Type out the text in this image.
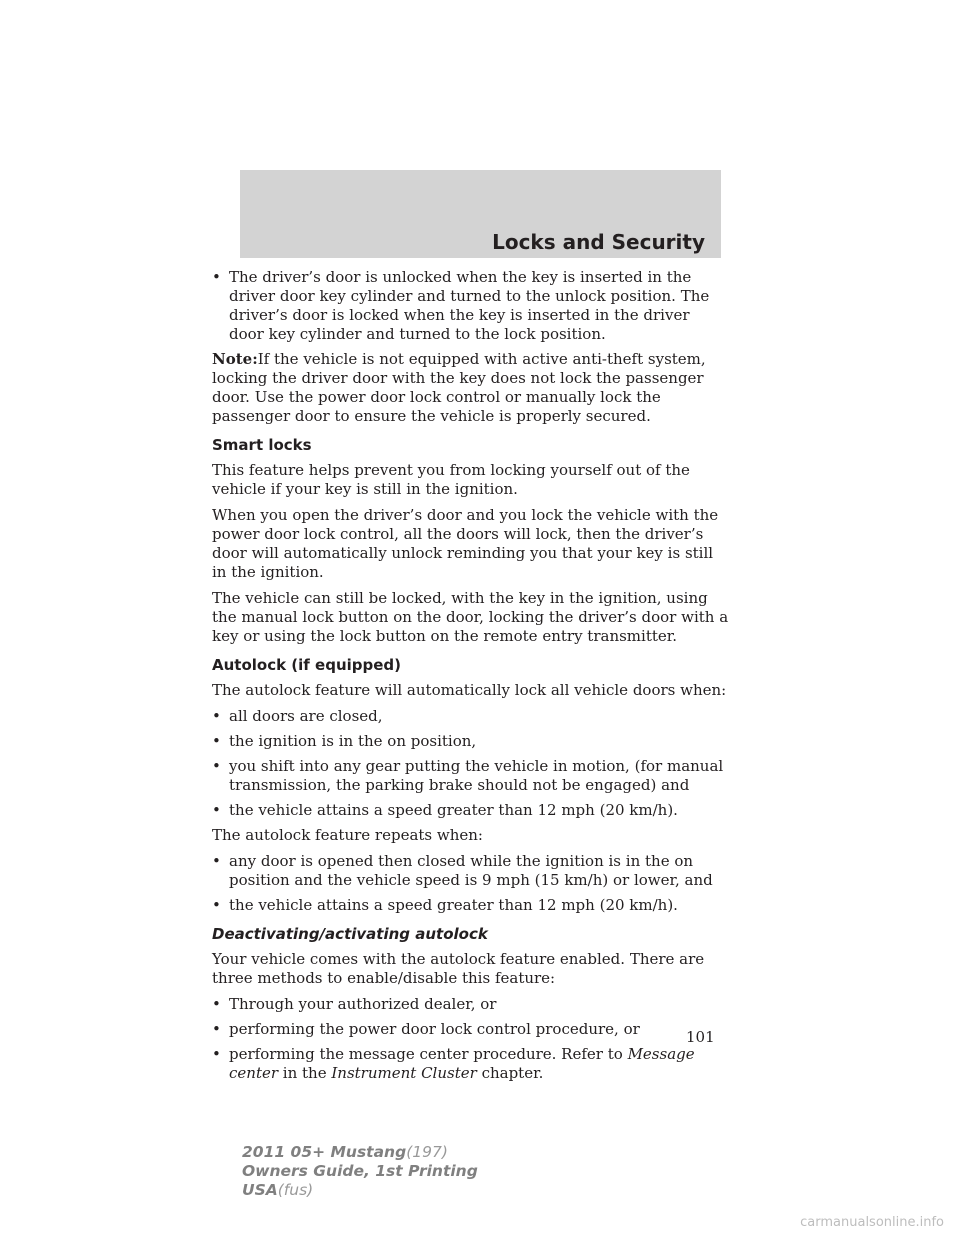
Locks and Security
• The driver’s door is unlocked when the key is inserted in the driver door key cylinder and turned to the unlock position. The driver’s door is locked when the key is inserted in the driver door key cylinder and turned to the lock position.

Note:If the vehicle is not equipped with active anti-theft system, locking the driver door with the key does not lock the passenger door. Use the power door lock control or manually lock the passenger door to ensure the vehicle is properly secured.

Smart locks

This feature helps prevent you from locking yourself out of the vehicle if your key is still in the ignition.

When you open the driver’s door and you lock the vehicle with the power door lock control, all the doors will lock, then the driver’s door will automatically unlock reminding you that your key is still in the ignition.

The vehicle can still be locked, with the key in the ignition, using the manual lock button on the door, locking the driver’s door with a key or using the lock button on the remote entry transmitter.

Autolock (if equipped)

The autolock feature will automatically lock all vehicle doors when:

• all doors are closed,
• the ignition is in the on position,
• you shift into any gear putting the vehicle in motion, (for manual transmission, the parking brake should not be engaged) and
• the vehicle attains a speed greater than 12 mph (20 km/h).

The autolock feature repeats when:

• any door is opened then closed while the ignition is in the on position and the vehicle speed is 9 mph (15 km/h) or lower, and
• the vehicle attains a speed greater than 12 mph (20 km/h).
Deactivating/activating autolock

Your vehicle comes with the autolock feature enabled. There are three methods to enable/disable this feature:

• Through your authorized dealer, or
• performing the power door lock control procedure, or
• performing the message center procedure. Refer to Message center in the Instrument Cluster chapter.
101
2011 05+ Mustang(197)
Owners Guide, 1st Printing
USA(fus)
carmanualsonline.info
